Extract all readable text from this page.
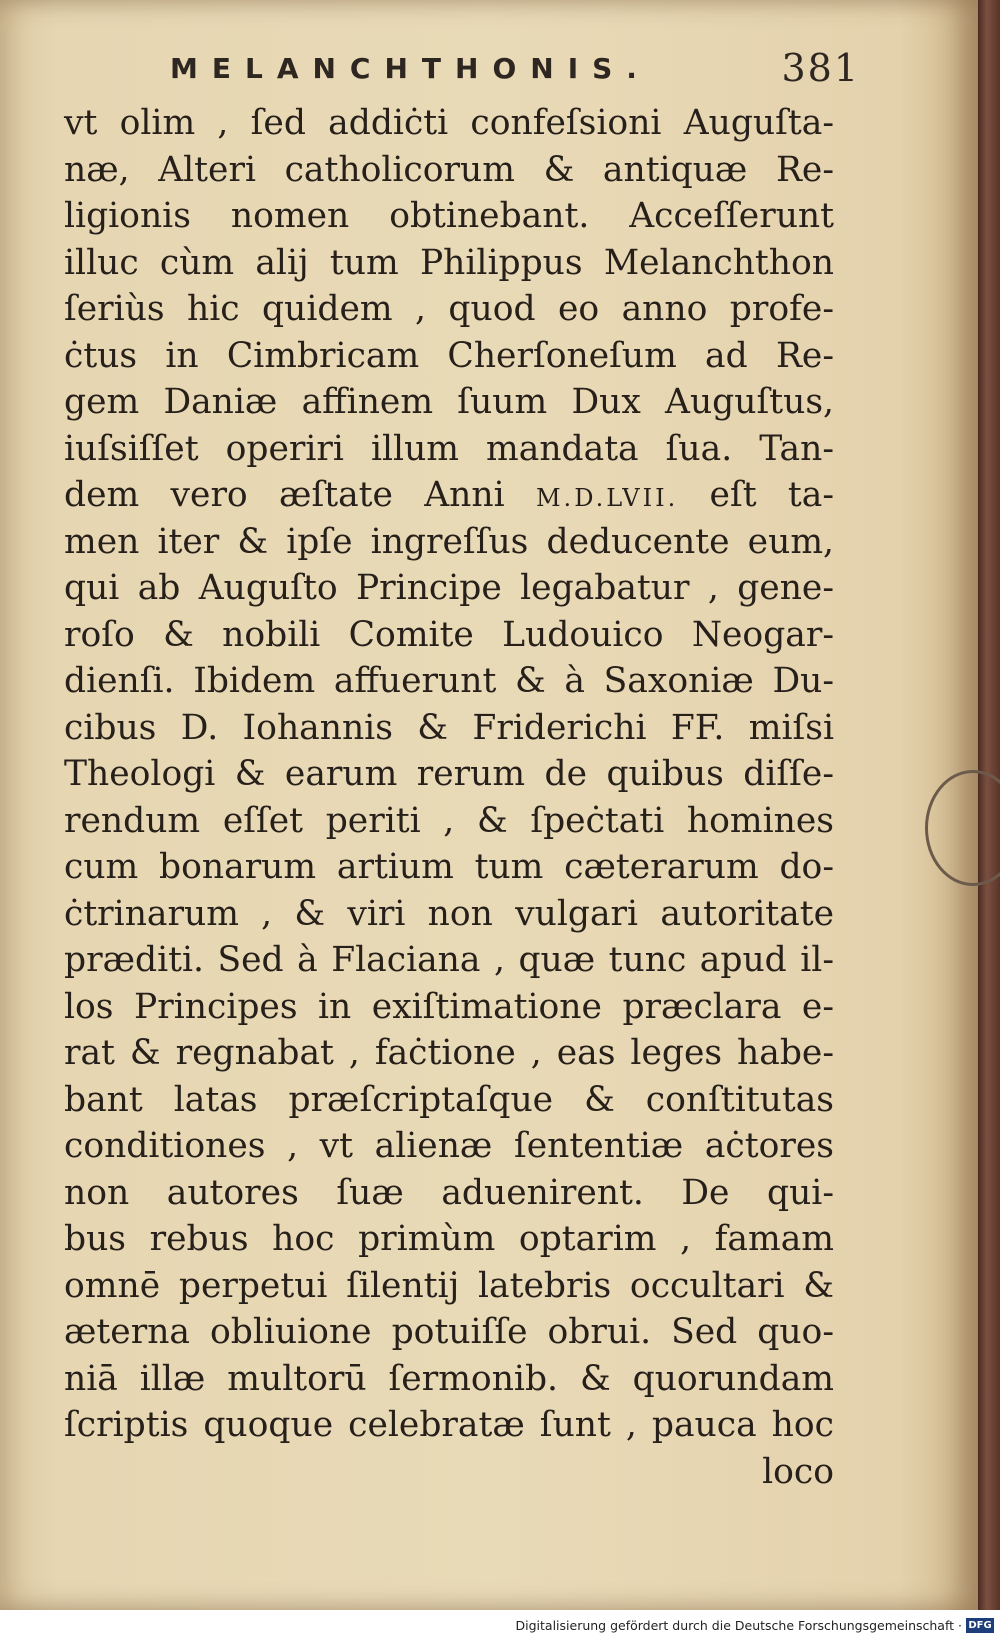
MELANCHTHONIS.	381
vt olim , ſed addiċti confeſsioni Auguſta-
næ, Alteri catholicorum & antiquæ Re-
ligionis nomen obtinebant. Acceſſerunt
illuc cùm alij tum Philippus Melanchthon
ſeriùs hic quidem , quod eo anno profe-
ċtus in Cimbricam Cherſoneſum ad Re-
gem Daniæ affinem ſuum Dux Auguſtus,
iuſsiſſet operiri illum mandata ſua. Tan-
dem vero æſtate Anni M.D.LVII. eſt ta-
men iter & ipſe ingreſſus deducente eum,
qui ab Auguſto Principe legabatur , gene-
roſo & nobili Comite Ludouico Neogar-
dienſi. Ibidem affuerunt & à Saxoniæ Du-
cibus D. Iohannis & Friderichi FF. miſsi
Theologi & earum rerum de quibus diſſe-
rendum eſſet periti , & ſpeċtati homines
cum bonarum artium tum cæterarum do-
ċtrinarum , & viri non vulgari autoritate
præditi. Sed à Flaciana , quæ tunc apud il-
los Principes in exiſtimatione præclara e-
rat & regnabat , faċtione , eas leges habe-
bant latas præſcriptaſque & conſtitutas
conditiones , vt alienæ ſententiæ aċtores
non autores ſuæ aduenirent. De qui-
bus rebus hoc primùm optarim , famam
omnē perpetui ſilentij latebris occultari &
æterna obliuione potuiſſe obrui. Sed quo-
niā illæ multorū ſermonib. & quorundam
ſcriptis quoque celebratæ ſunt , pauca hoc
loco
Digitalisierung gefördert durch die Deutsche Forschungsgemeinschaft · DFG
